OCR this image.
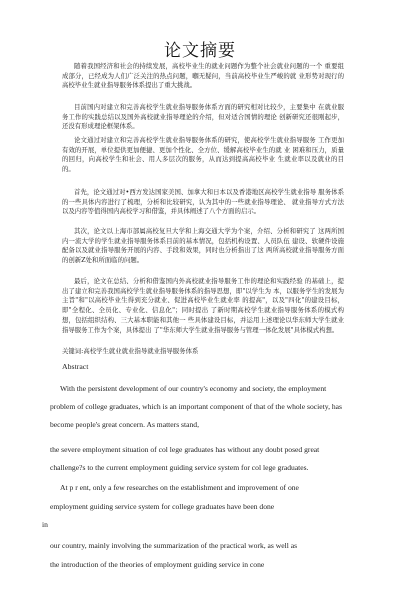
论文摘要
随着我国经济和社会的持续发展，高校毕业生的就业问题作为整个社会就业问题的一个 重要组成部分，已经成为人们广泛关注的热点问题，嗰无疑问，当前高校毕业生严峻的就 业形势对现行的高校毕业生就业指导服务体系提出了重大挑战。
目前国内对建立和完善高校学生就业指导服务体系方面的研究相对比较少，主要集中 在就业服务工作的实践总结以及国外高校就业指导理论的介绍，但对适合国情的理论 创新研究还很刚起步，还没有形成理论框架体系。
论文通过对建立和完善高校学生就业指导服务体系的研究，使高校学生就业指导服务 工作更加有效的开展，单位提供更加便捷、更加个性化、全方位、缓解高校毕业生的就 业 困难和压力，质量的回归，向高校学生和社会、用人多层次的服务，从而达到提高高校毕业 生就业率以及就业的目的。
首先，论文通过对•西方发达国家美国、加拿大和日本以及香港地区高校学生就业指导 服务体系的一些具体内容进行了梳理，分析和比较研究，认为其中的一些就业指导理论、 就业指导方式方法以及内容等值得国内高校学习和借鉴，并具体阐述了八个方面的启示。
其次，论文以上海市部属高校复旦大学和上海交通大学为个案，介绍、分析和研究了 这两所国内一流大学的学生就业指导服务体系目前的基本情况，包括机构设置、人员队伍 建设、软硬件设施配备以及就业指导服务开展的内容、手段和效果，同时也分析指出了这 两所高校就业指导服务方面的创新Z处和所面临的问题。
最后，论文在总结、分析和借鉴国内外高校就业指导服务工作的理论和实践经验 的基础上，提出了建立和完善我国高校学生就业指导服务体系的指导思想，即"以学生为 本，以服务学生的发展为主旨"和"以高校毕业生得到充分就业、促进高校毕业生就业率 的提高"，以及"四化"的建设目标，即"全程化、全员化、专业化、信息化"；同时提出 了新时期高校学生就业指导服务体系的模式构想，包括组织结构、三大基本职能和其他一 些具体建设目标，并运用上述理论以华东师大学生就业指导服务工作为个案，具体提出 了"华东师大学生就业指导服务与管理一体化发展"具体模式构想。
关键词:高校学生就业就业指导就业指导服务体系
Abstract
With the persistent development of our country's economy and society, the employment
problem of college graduates, which is an important component of that of the whole society, has
become people's great concern. As matters stand,
the severe employment situation of col lege graduates has without any doubt posed great
challenge?s to the current employment guiding service system for col lege graduates.
At p r ent, only a few researches on the establishment and improvement of one
employment guiding service system for college graduates have been done
in
our country, mainly involving the summarization of the practical work, as well as
the introduction of the theories of employment guiding service in cone
